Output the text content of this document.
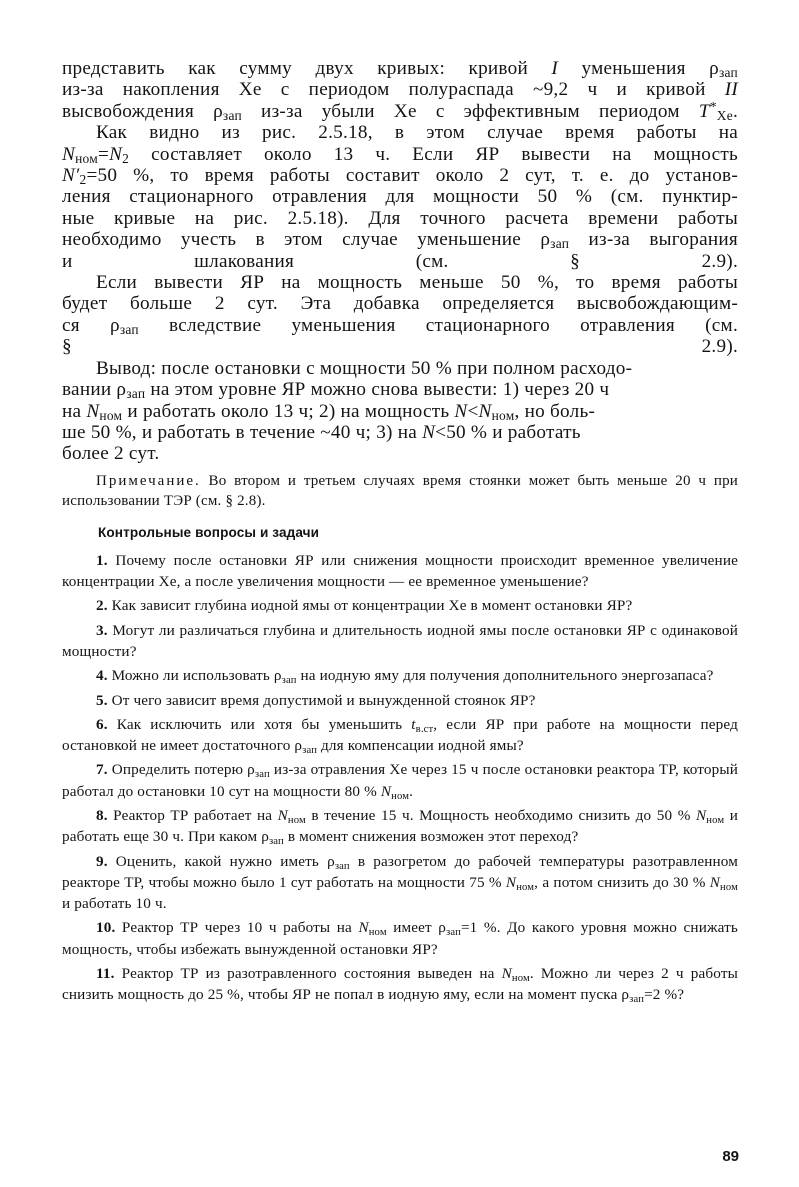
представить как сумму двух кривых: кривой I уменьшения $\rho_{зап}$
из-за накопления Хе с периодом полураспада ~9,2 ч и кривой II
высвобождения $\rho_{зап}$ из-за убыли Хе с эффективным периодом $T^*_{Xe}$.

Как видно из рис. 2.5.18, в этом случае время работы на
$N_{ном}=N_2$ составляет около 13 ч. Если ЯР вывести на мощность
$N'_2=50$ %, то время работы составит около 2 сут, т. е. до установ-
ления стационарного отравления для мощности 50 % (см. пунктир-
ные кривые на рис. 2.5.18). Для точного расчета времени работы
необходимо учесть в этом случае уменьшение $\rho_{зап}$ из-за выгорания
и шлакования (см. § 2.9).

Если вывести ЯР на мощность меньше 50 %, то время работы
будет больше 2 сут. Эта добавка определяется высвобождающим-
ся $\rho_{зап}$ вследствие уменьшения стационарного отравления (см.
§ 2.9).

Вывод: после остановки с мощности 50 % при полном расходо-
вании $\rho_{зап}$ на этом уровне ЯР можно снова вывести: 1) через 20 ч
на $N_{ном}$ и работать около 13 ч; 2) на мощность $N<N_{ном}$, но боль-
ше 50 %, и работать в течение ~40 ч; 3) на N<50 % и работать
более 2 сут.

Примечание. Во втором и третьем случаях время стоянки может быть меньше 20 ч при использовании ТЭР (см. § 2.8).

Контрольные вопросы и задачи

1. Почему после остановки ЯР или снижения мощности происходит временное увеличение концентрации Хе, а после увеличения мощности — ее временное уменьшение?

2. Как зависит глубина иодной ямы от концентрации Хе в момент остановки ЯР?

3. Могут ли различаться глубина и длительность иодной ямы после остановки ЯР с одинаковой мощности?

4. Можно ли использовать $\rho_{зап}$ на иодную яму для получения дополнительного энергозапаса?

5. От чего зависит время допустимой и вынужденной стоянок ЯР?

6. Как исключить или хотя бы уменьшить $t_{в.ст}$, если ЯР при работе на мощности перед остановкой не имеет достаточного $\rho_{зап}$ для компенсации иодной ямы?

7. Определить потерю $\rho_{зап}$ из-за отравления Хе через 15 ч после остановки реактора ТР, который работал до остановки 10 сут на мощности 80 % $N_{ном}$.

8. Реактор ТР работает на $N_{ном}$ в течение 15 ч. Мощность необходимо снизить до 50 % $N_{ном}$ и работать еще 30 ч. При каком $\rho_{зап}$ в момент снижения возможен этот переход?

9. Оценить, какой нужно иметь $\rho_{зап}$ в разогретом до рабочей температуры разотравленном реакторе ТР, чтобы можно было 1 сут работать на мощности 75 % $N_{ном}$, а потом снизить до 30 % $N_{ном}$ и работать 10 ч.

10. Реактор ТР через 10 ч работы на $N_{ном}$ имеет $\rho_{зап}=1$ %. До какого уровня можно снижать мощность, чтобы избежать вынужденной остановки ЯР?

11. Реактор ТР из разотравленного состояния выведен на $N_{ном}$. Можно ли через 2 ч работы снизить мощность до 25 %, чтобы ЯР не попал в иодную яму, если на момент пуска $\rho_{зап}=2$ %?

89
